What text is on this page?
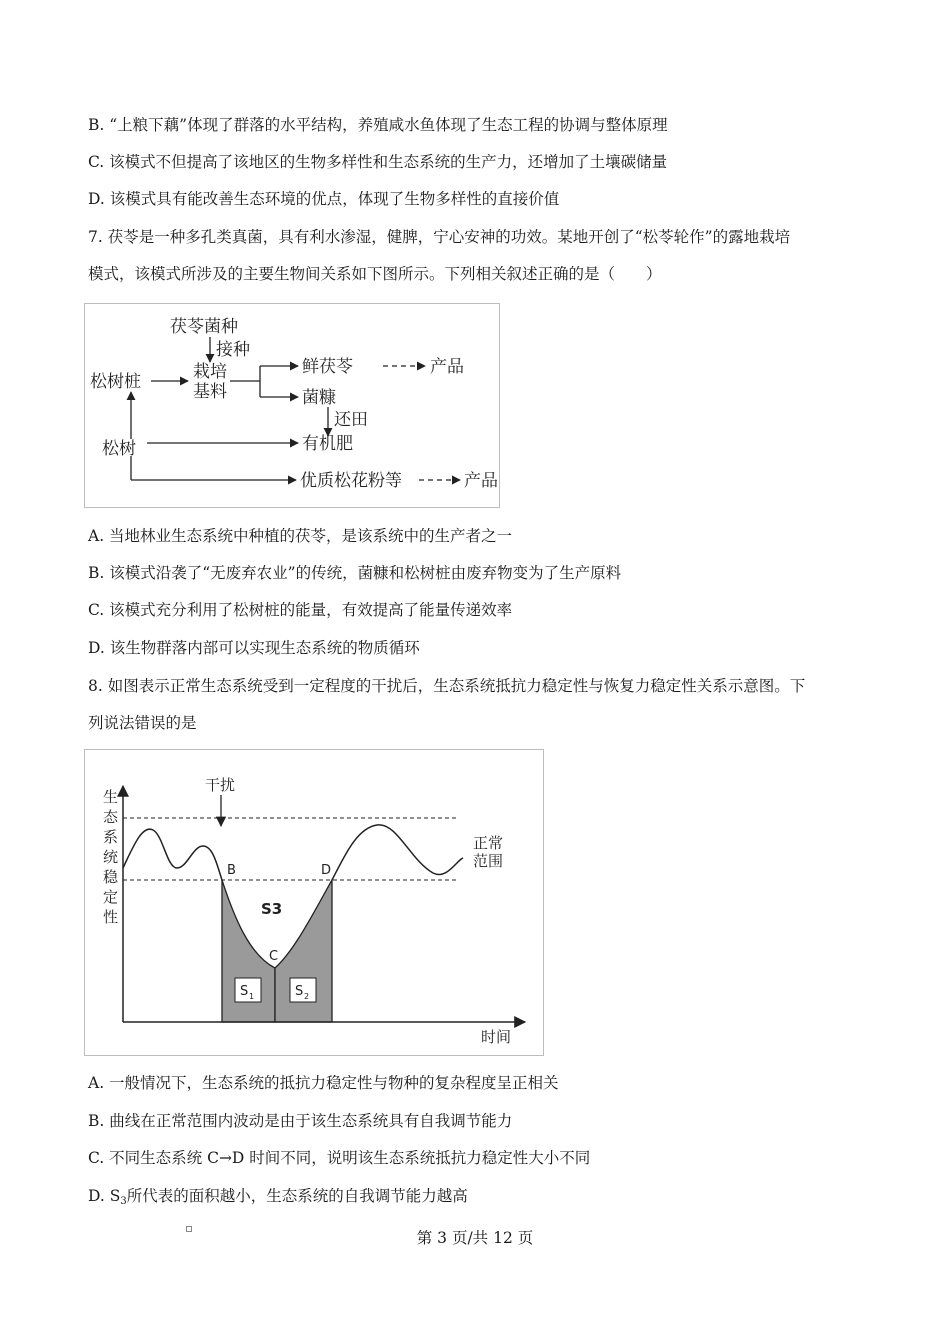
B. “上粮下藕”体现了群落的水平结构，养殖咸水鱼体现了生态工程的协调与整体原理
C. 该模式不但提高了该地区的生物多样性和生态系统的生产力，还增加了土壤碳储量
D. 该模式具有能改善生态环境的优点，体现了生物多样性的直接价值
7. 茯苓是一种多孔类真菌，具有利水渗湿，健脾，宁心安神的功效。某地开创了“松苓轮作”的露地栽培
模式，该模式所涉及的主要生物间关系如下图所示。下列相关叙述正确的是（　　）
茯苓菌种
接种
栽培
基料
松树桩
鲜茯苓	产品
菌糠
还田
松树	有机肥
优质松花粉等	产品
A. 当地林业生态系统中种植的茯苓，是该系统中的生产者之一
B. 该模式沿袭了“无废弃农业”的传统，菌糠和松树桩由废弃物变为了生产原料
C. 该模式充分利用了松树桩的能量，有效提高了能量传递效率
D. 该生物群落内部可以实现生态系统的物质循环
8. 如图表示正常生态系统受到一定程度的干扰后，生态系统抵抗力稳定性与恢复力稳定性关系示意图。下
列说法错误的是
生
态
系
统
稳
定
性
干扰
正常
范围
时间
B
C
D
S3
S 1	S 2
A. 一般情况下，生态系统的抵抗力稳定性与物种的复杂程度呈正相关
B. 曲线在正常范围内波动是由于该生态系统具有自我调节能力
C. 不同生态系统 C→D 时间不同，说明该生态系统抵抗力稳定性大小不同
D. $S_3$所代表的面积越小，生态系统的自我调节能力越高
第 3 页/共 12 页
